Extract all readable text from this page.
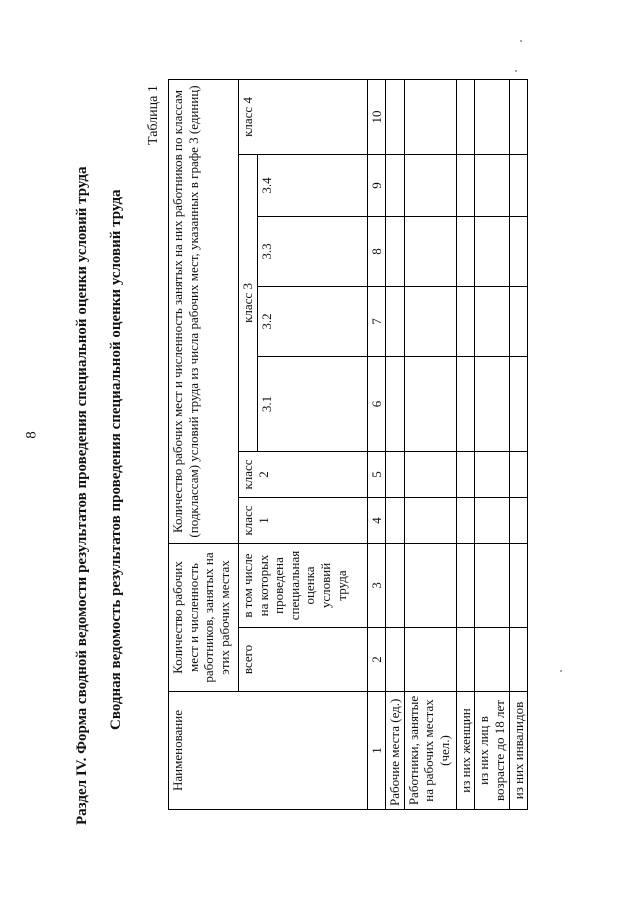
8 Раздел IV. Форма сводной ведомости результатов проведения специальной оценки условий труда Сводная ведомость результатов проведения специальной оценки условий труда
Таблица 1
Наименование	Количество рабочих мест и численность работников, занятых на этих рабочих местах		Количество рабочих мест и численность занятых на них работников по классам (подклассам) условий труда из числа рабочих мест, указанных в графе 3 (единиц)						
	всего	в том числе на которых проведена специальная оценка условий труда	класс 1	класс 2	класс 3				класс 4
					3.1	3.2	3.3	3.4	
1	2	3	4	5	6	7	8	9	10
Рабочие места (ед.)									
Работники, занятые на рабочих местах (чел.)									
из них женщин									
из них лиц в возрасте до 18 лет									
из них инвалидов									
